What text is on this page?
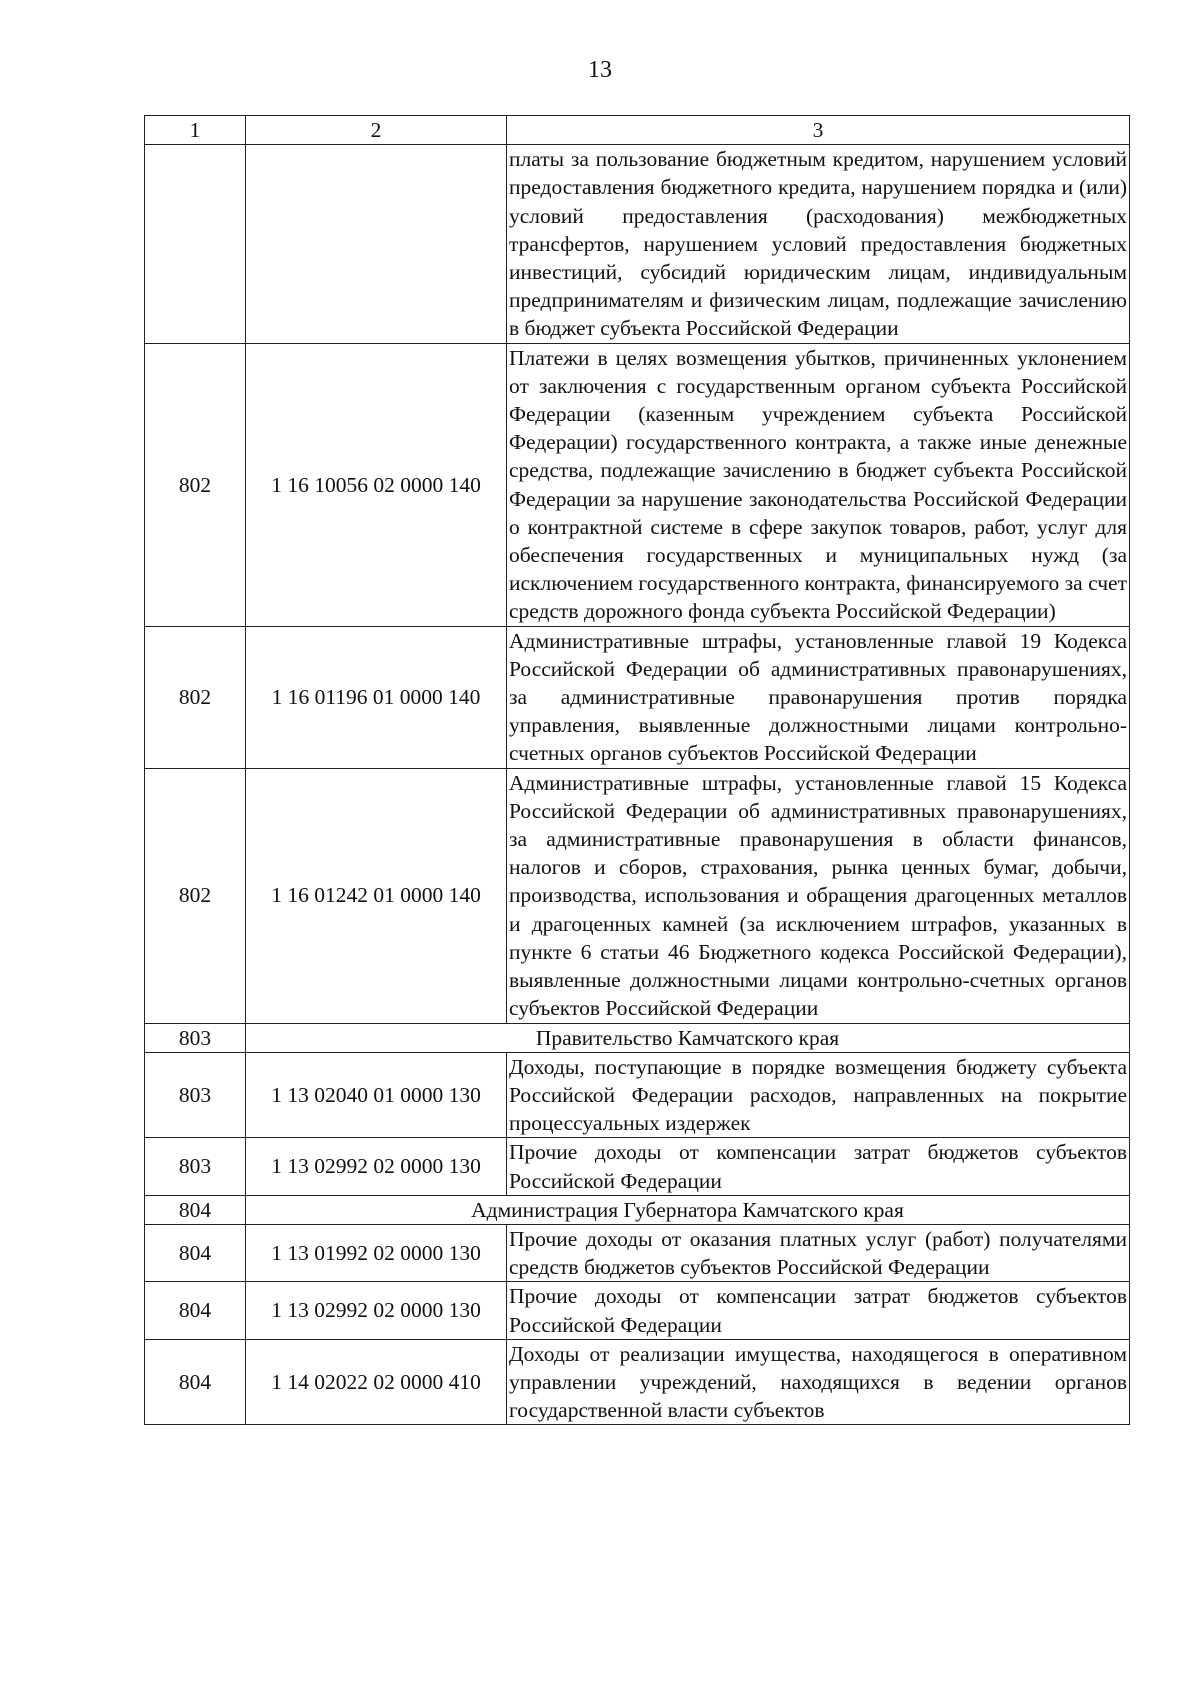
13
1	2	3
		платы за пользование бюджетным кредитом, нарушением условий предоставления бюджетного кредита, нарушением порядка и (или) условий предоставления (расходования) межбюджетных трансфертов, нарушением условий предоставления бюджетных инвестиций, субсидий юридическим лицам, индивидуальным предпринимателям и физическим лицам, подлежащие зачислению в бюджет субъекта Российской Федерации
802	1 16 10056 02 0000 140	Платежи в целях возмещения убытков, причиненных уклонением от заключения с государственным органом субъекта Российской Федерации (казенным учреждением субъекта Российской Федерации) государственного контракта, а также иные денежные средства, подлежащие зачислению в бюджет субъекта Российской Федерации за нарушение законодательства Российской Федерации о контрактной системе в сфере закупок товаров, работ, услуг для обеспечения государственных и муниципальных нужд (за исключением государственного контракта, финансируемого за счет средств дорожного фонда субъекта Российской Федерации)
802	1 16 01196 01 0000 140	Административные штрафы, установленные главой 19 Кодекса Российской Федерации об административных правонарушениях, за административные правонарушения против порядка управления, выявленные должностными лицами контрольно-счетных органов субъектов Российской Федерации
802	1 16 01242 01 0000 140	Административные штрафы, установленные главой 15 Кодекса Российской Федерации об административных правонарушениях, за административные правонарушения в области финансов, налогов и сборов, страхования, рынка ценных бумаг, добычи, производства, использования и обращения драгоценных металлов и драгоценных камней (за исключением штрафов, указанных в пункте 6 статьи 46 Бюджетного кодекса Российской Федерации), выявленные должностными лицами контрольно-счетных органов субъектов Российской Федерации
803	Правительство Камчатского края	
803	1 13 02040 01 0000 130	Доходы, поступающие в порядке возмещения бюджету субъекта Российской Федерации расходов, направленных на покрытие процессуальных издержек
803	1 13 02992 02 0000 130	Прочие доходы от компенсации затрат бюджетов субъектов Российской Федерации
804	Администрация Губернатора Камчатского края	
804	1 13 01992 02 0000 130	Прочие доходы от оказания платных услуг (работ) получателями средств бюджетов субъектов Российской Федерации
804	1 13 02992 02 0000 130	Прочие доходы от компенсации затрат бюджетов субъектов Российской Федерации
804	1 14 02022 02 0000 410	Доходы от реализации имущества, находящегося в оперативном управлении учреждений, находящихся в ведении органов государственной власти субъектов
